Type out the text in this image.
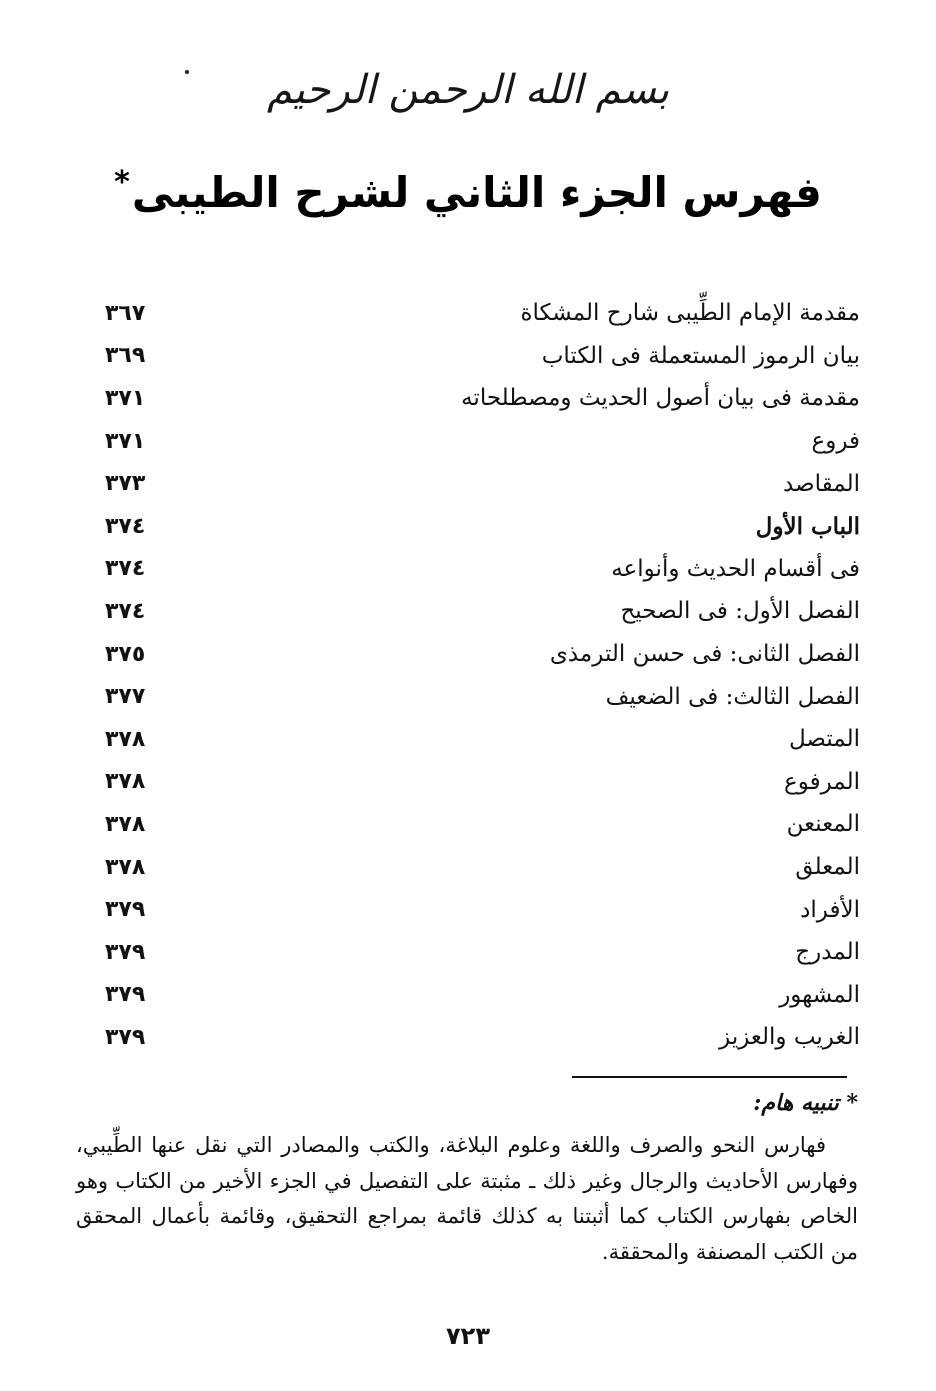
بسم الله الرحمن الرحيم
فهرس الجزء الثاني لشرح الطيبى*
مقدمة الإمام الطِّيبى شارح المشكاة
٣٦٧
بيان الرموز المستعملة فى الكتاب
٣٦٩
مقدمة فى بيان أصول الحديث ومصطلحاته
٣٧١
فروع
٣٧١
المقاصد
٣٧٣
الباب الأول
٣٧٤
فى أقسام الحديث وأنواعه
٣٧٤
الفصل الأول: فى الصحيح
٣٧٤
الفصل الثانى: فى حسن الترمذى
٣٧٥
الفصل الثالث: فى الضعيف
٣٧٧
المتصل
٣٧٨
المرفوع
٣٧٨
المعنعن
٣٧٨
المعلق
٣٧٨
الأفراد
٣٧٩
المدرج
٣٧٩
المشهور
٣٧٩
الغريب والعزيز
٣٧٩
* تنبيه هام:

فهارس النحو والصرف واللغة وعلوم البلاغة، والكتب والمصادر التي نقل عنها الطِّيبي، وفهارس الأحاديث والرجال وغير ذلك ـ مثبتة على التفصيل في الجزء الأخير من الكتاب وهو الخاص بفهارس الكتاب كما أثبتنا به كذلك قائمة بمراجع التحقيق، وقائمة بأعمال المحقق من الكتب المصنفة والمحققة.

٧٢٣
